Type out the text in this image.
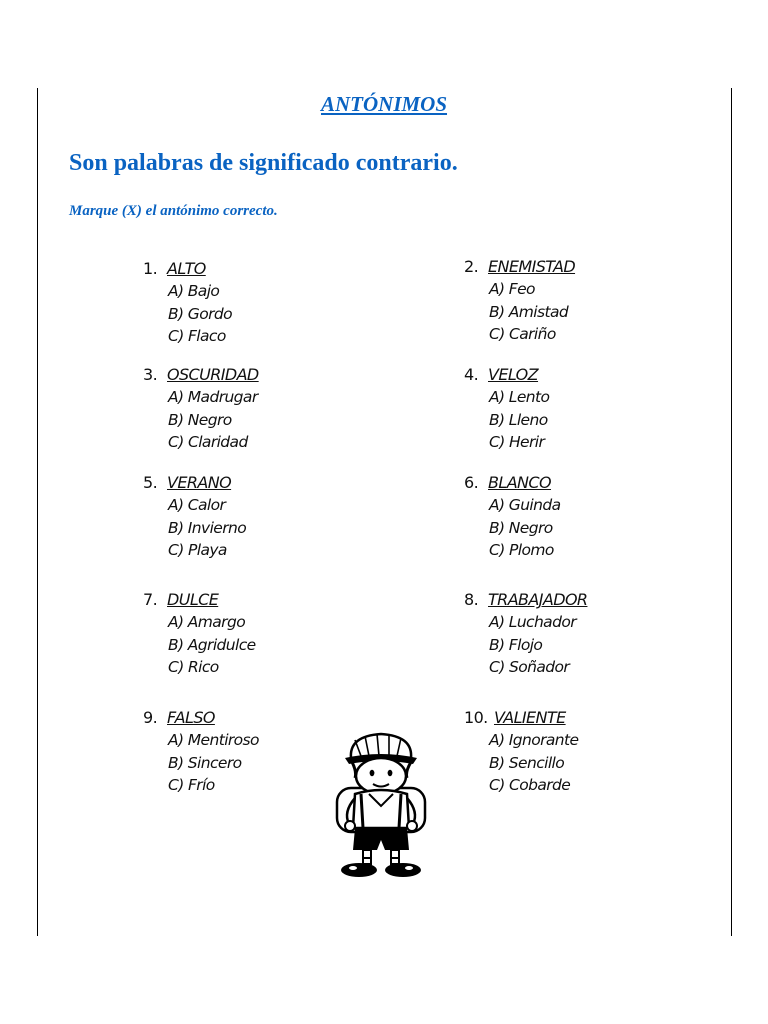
ANTÓNIMOS
Son palabras de significado contrario.

Marque (X) el antónimo correcto.

1. ALTO
A) Bajo
B) Gordo
C) Flaco
2. ENEMISTAD
A) Feo
B) Amistad
C) Cariño
3. OSCURIDAD
A) Madrugar
B) Negro
C) Claridad
4. VELOZ
A) Lento
B) Lleno
C) Herir
5. VERANO
A) Calor
B) Invierno
C) Playa
6. BLANCO
A) Guinda
B) Negro
C) Plomo
7. DULCE
A) Amargo
B) Agridulce
C) Rico
8. TRABAJADOR
A) Luchador
B) Flojo
C) Soñador
9. FALSO
A) Mentiroso
B) Sincero
C) Frío
10. VALIENTE
A) Ignorante
B) Sencillo
C) Cobarde
